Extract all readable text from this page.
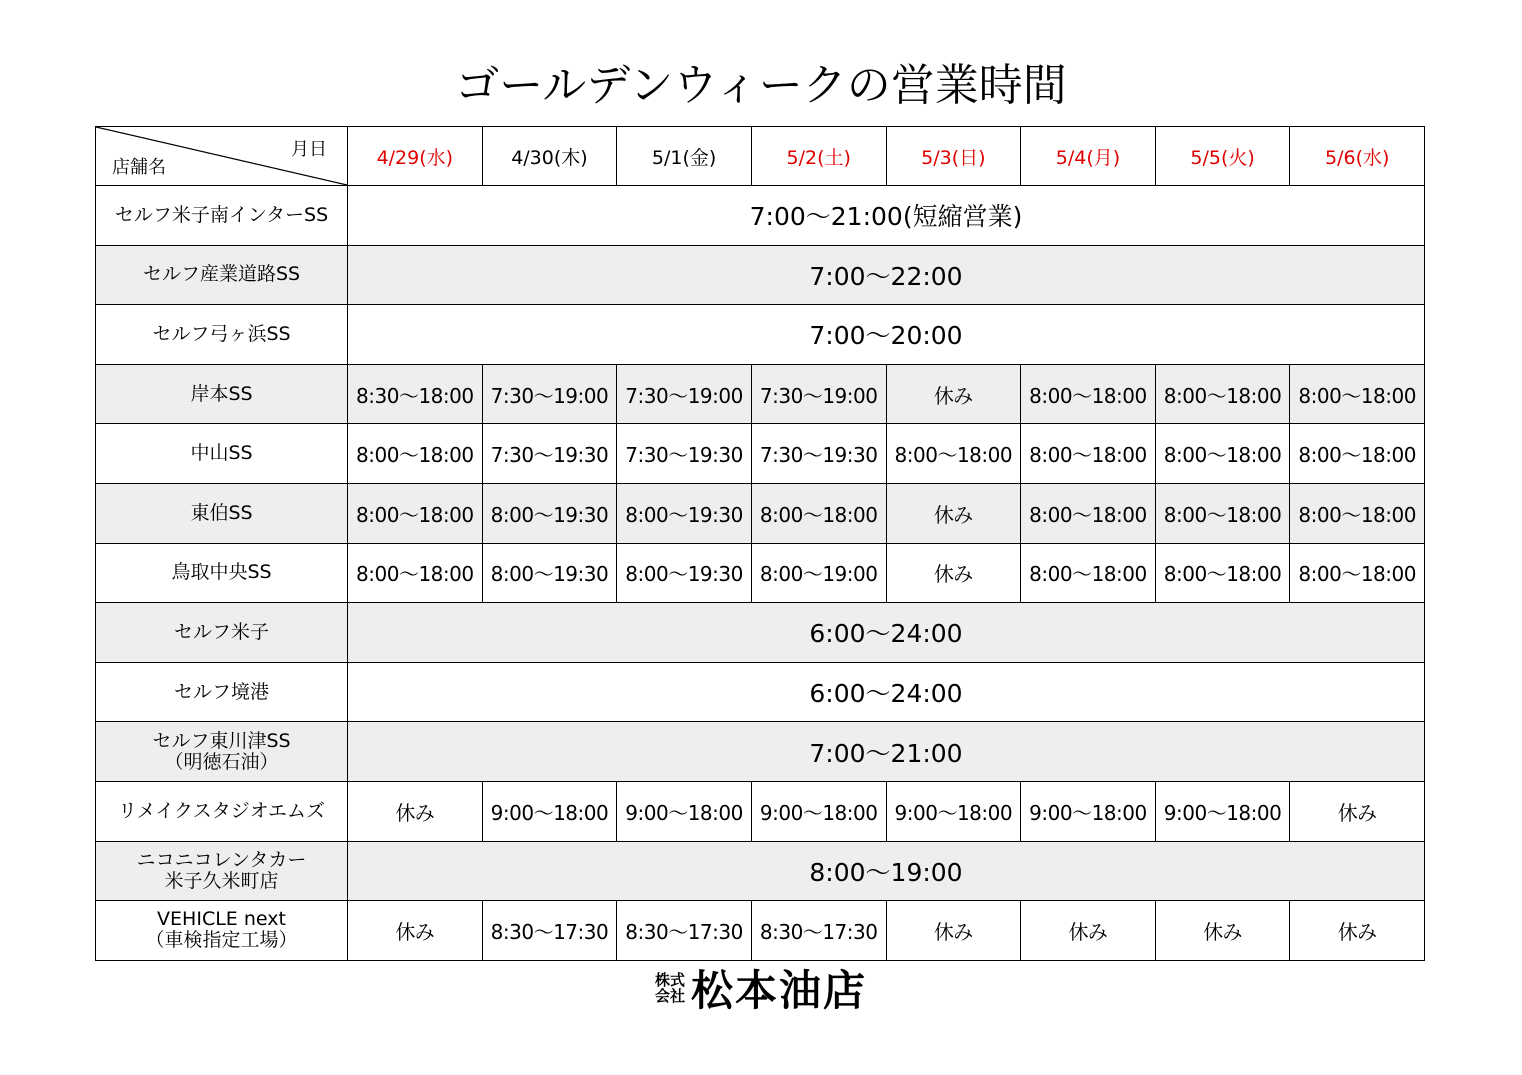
ゴールデンウィークの営業時間
月日
店舗名	4/29(水)	4/30(木)	5/1(金)	5/2(土)	5/3(日)	5/4(月)	5/5(火)	5/6(水)

セルフ米子南インターSS	7:00～21:00(短縮営業)							

セルフ産業道路SS	7:00～22:00							

セルフ弓ヶ浜SS	7:00～20:00							

岸本SS	8:30～18:00	7:30～19:00	7:30～19:00	7:30～19:00	休み	8:00～18:00	8:00～18:00	8:00～18:00

中山SS	8:00～18:00	7:30～19:30	7:30～19:30	7:30～19:30	8:00～18:00	8:00～18:00	8:00～18:00	8:00～18:00

東伯SS	8:00～18:00	8:00～19:30	8:00～19:30	8:00～18:00	休み	8:00～18:00	8:00～18:00	8:00～18:00

鳥取中央SS	8:00～18:00	8:00～19:30	8:00～19:30	8:00～19:00	休み	8:00～18:00	8:00～18:00	8:00～18:00

セルフ米子	6:00～24:00							

セルフ境港	6:00～24:00							

セルフ東川津SS
（明徳石油）	7:00～21:00							

リメイクスタジオエムズ	休み	9:00～18:00	9:00～18:00	9:00～18:00	9:00～18:00	9:00～18:00	9:00～18:00	休み

ニコニコレンタカー
米子久米町店	8:00～19:00							

VEHICLE next
（車検指定工場）	休み	8:30～17:30	8:30～17:30	8:30～17:30	休み	休み	休み	休み
株式
会社 松本油店
